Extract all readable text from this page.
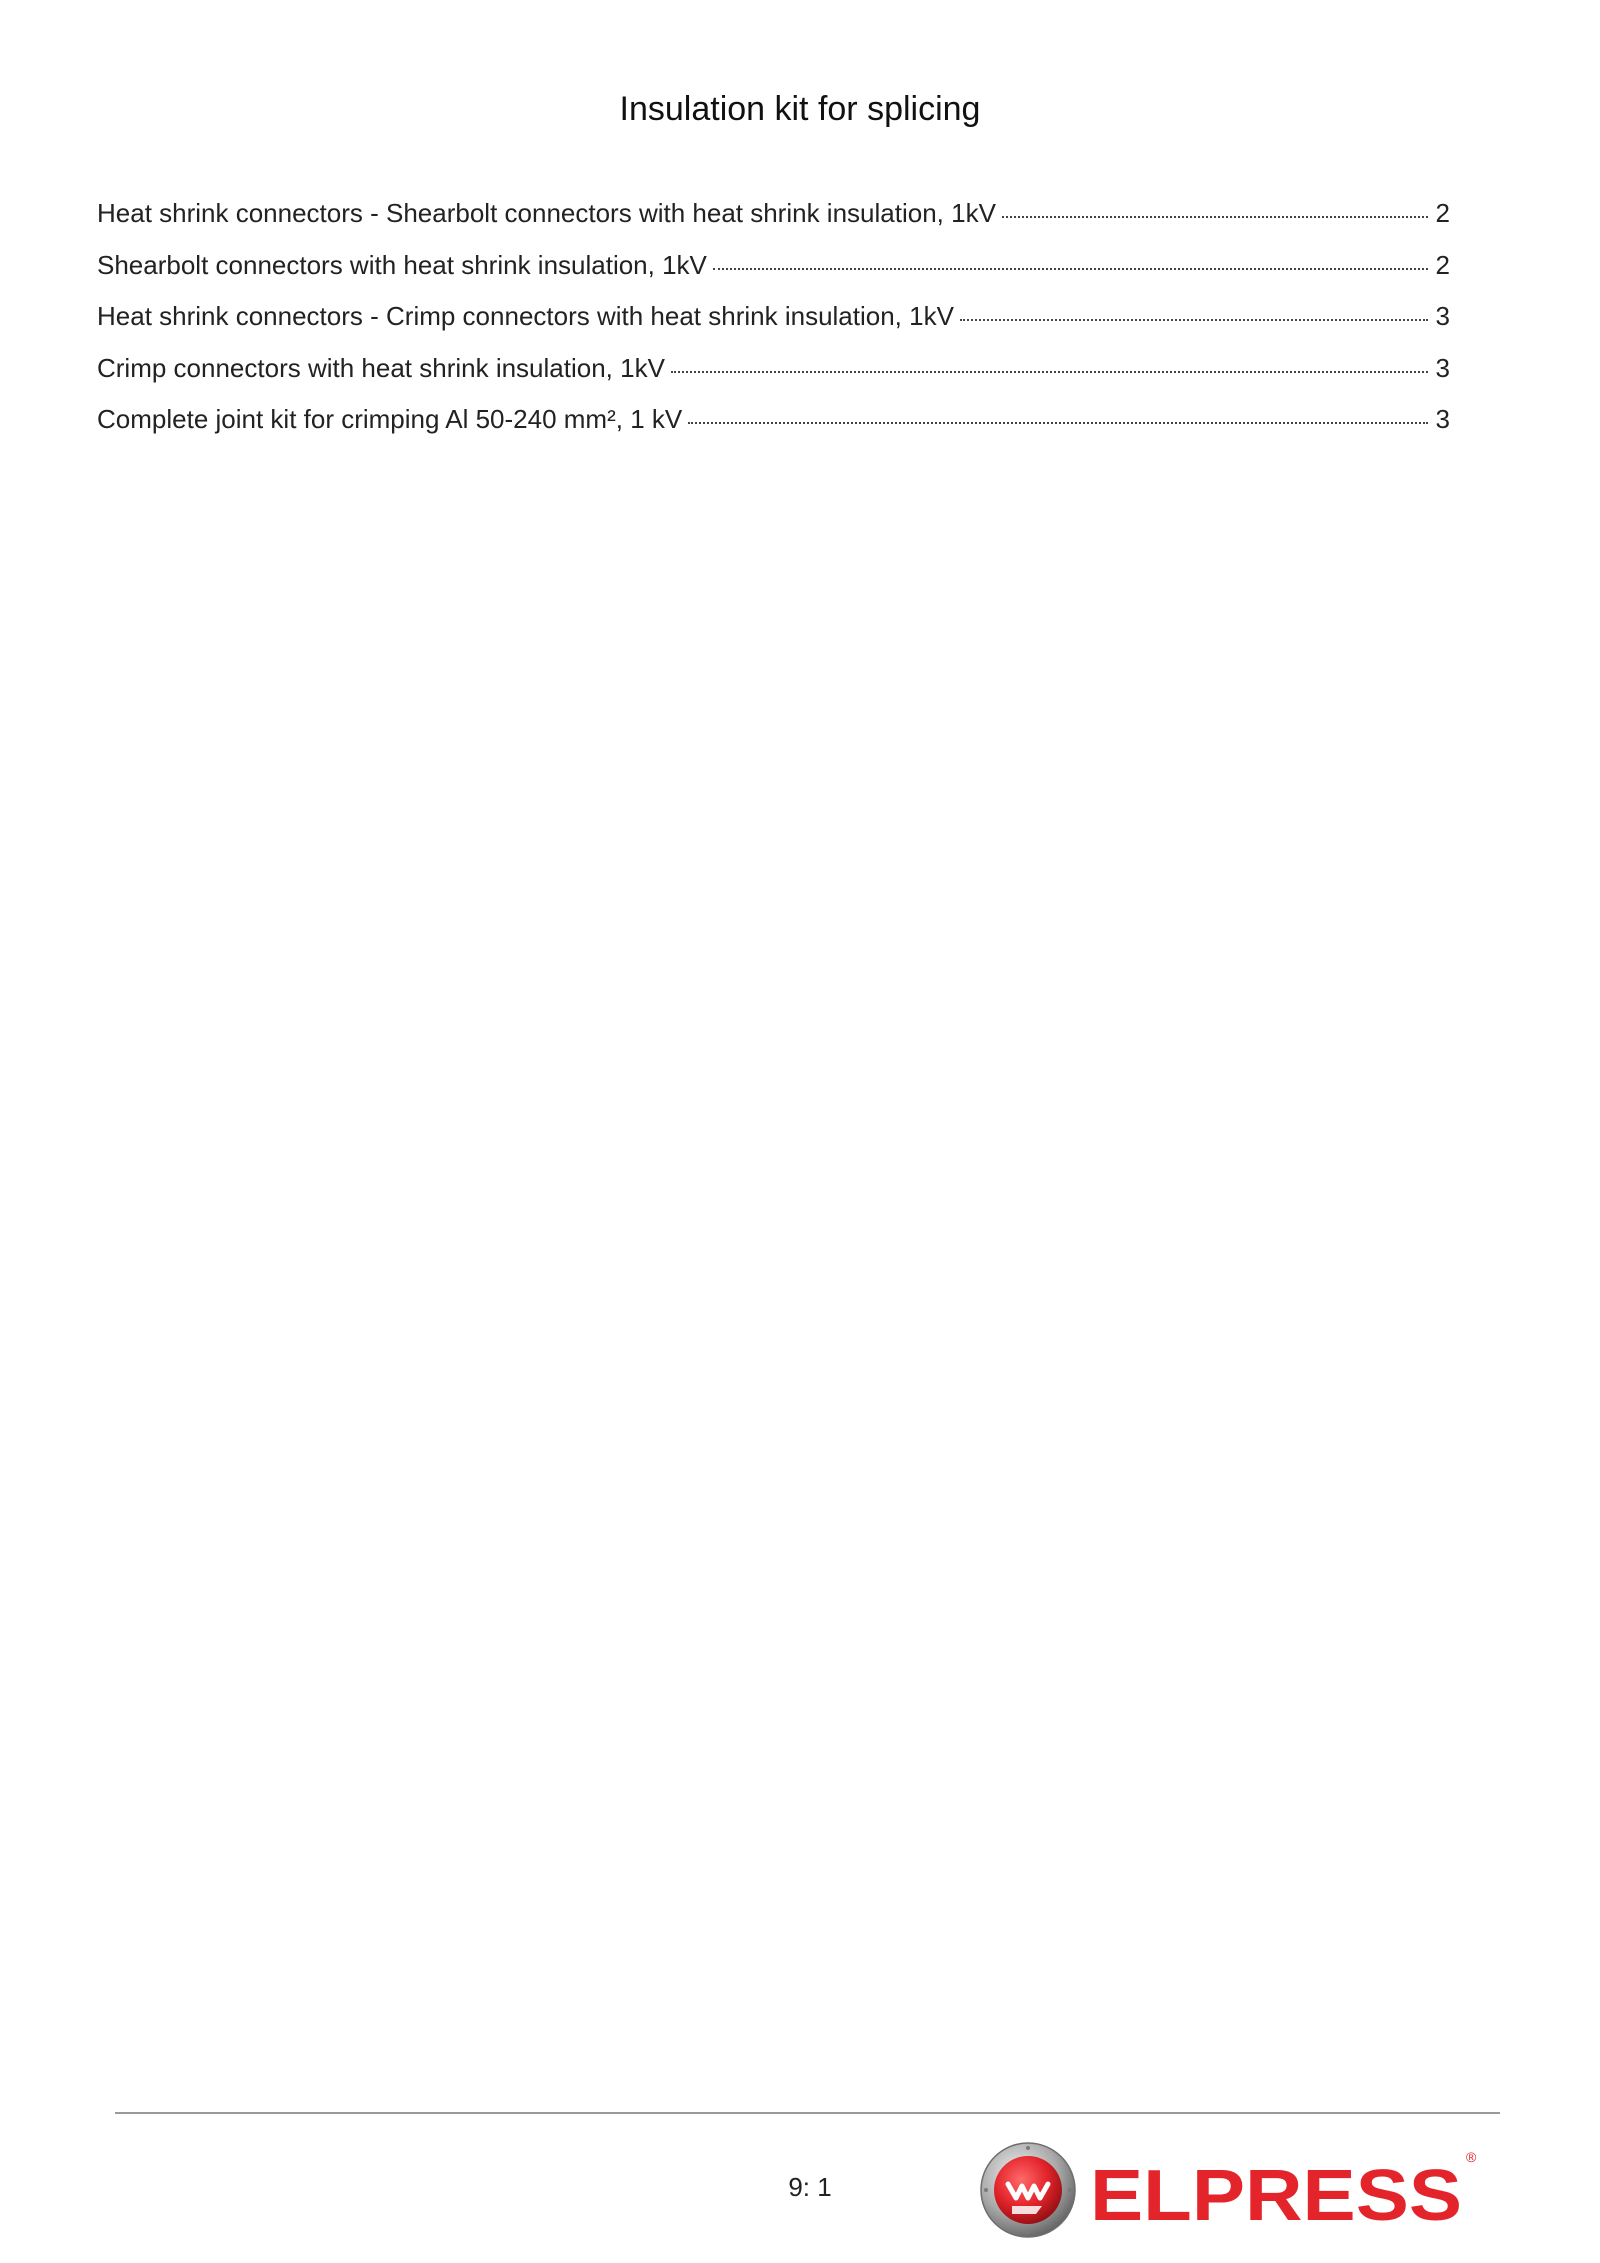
Insulation kit for splicing
Heat shrink connectors - Shearbolt connectors with heat shrink insulation, 1kV	2
Shearbolt connectors with heat shrink insulation, 1kV	2
Heat shrink connectors - Crimp connectors with heat shrink insulation, 1kV	3
Crimp connectors with heat shrink insulation, 1kV	3
Complete joint kit for crimping Al 50-240 mm², 1 kV	3
9: 1	ELPRESS ®
